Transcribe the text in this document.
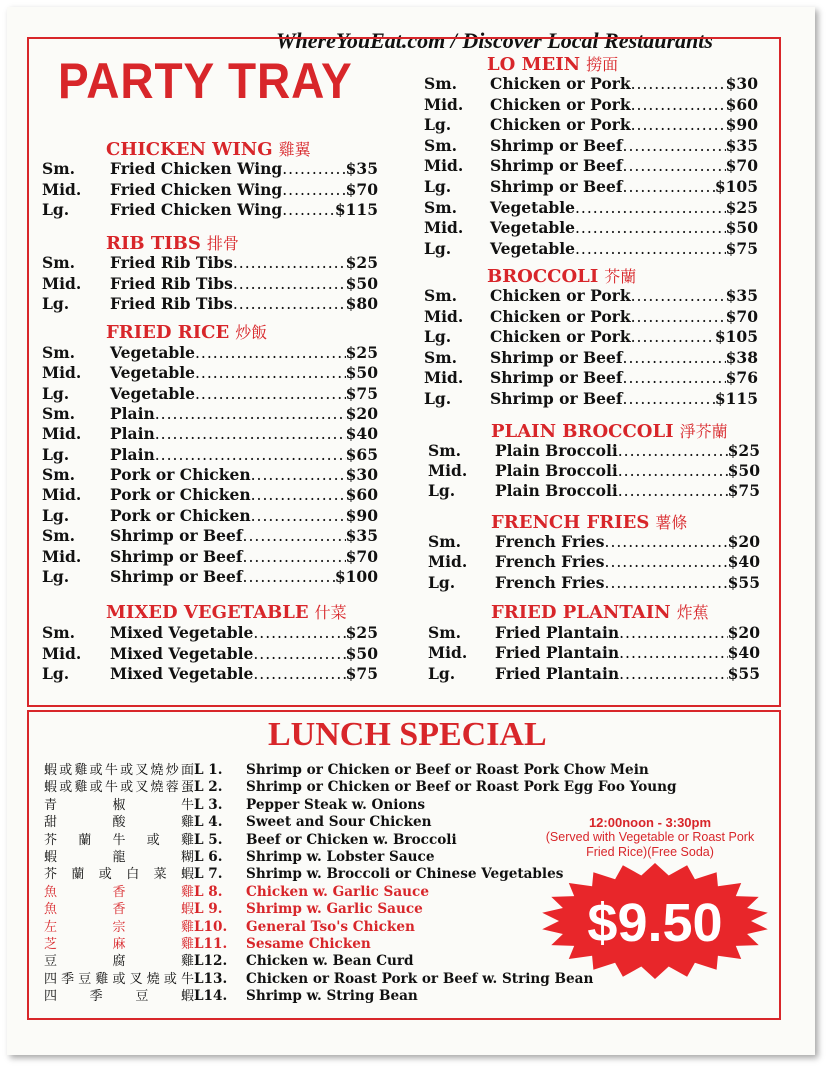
WhereYouEat.com / Discover Local Restaurants
PARTY TRAY
CHICKEN WING 雞翼
Sm.	Fried Chicken Wing .....	$35
Mid.	Fried Chicken Wing .....	$70
Lg.	Fried Chicken Wing .....	$115
RIB TIBS 排骨
Sm.	Fried Rib Tibs .....	$25
Mid.	Fried Rib Tibs .....	$50
Lg.	Fried Rib Tibs .....	$80
FRIED RICE 炒飯
Sm.	Vegetable .....	$25
Mid.	Vegetable .....	$50
Lg.	Vegetable .....	$75
Sm.	Plain .....	$20
Mid.	Plain .....	$40
Lg.	Plain .....	$65
Sm.	Pork or Chicken .....	$30
Mid.	Pork or Chicken .....	$60
Lg.	Pork or Chicken .....	$90
Sm.	Shrimp or Beef .....	$35
Mid.	Shrimp or Beef .....	$70
Lg.	Shrimp or Beef .....	$100
MIXED VEGETABLE 什菜
Sm.	Mixed Vegetable .....	$25
Mid.	Mixed Vegetable .....	$50
Lg.	Mixed Vegetable .....	$75
LO MEIN 撈面
Sm.	Chicken or Pork .....	$30
Mid.	Chicken or Pork .....	$60
Lg.	Chicken or Pork .....	$90
Sm.	Shrimp or Beef .....	$35
Mid.	Shrimp or Beef .....	$70
Lg.	Shrimp or Beef .....	$105
Sm.	Vegetable .....	$25
Mid.	Vegetable .....	$50
Lg.	Vegetable .....	$75
BROCCOLI 芥蘭
Sm.	Chicken or Pork .....	$35
Mid.	Chicken or Pork .....	$70
Lg.	Chicken or Pork .....	$105
Sm.	Shrimp or Beef .....	$38
Mid.	Shrimp or Beef .....	$76
Lg.	Shrimp or Beef .....	$115
PLAIN BROCCOLI 淨芥蘭
Sm.	Plain Broccoli .....	$25
Mid.	Plain Broccoli .....	$50
Lg.	Plain Broccoli .....	$75
FRENCH FRIES 薯條
Sm.	French Fries .....	$20
Mid.	French Fries .....	$40
Lg.	French Fries .....	$55
FRIED PLANTAIN 炸蕉
Sm.	Fried Plantain .....	$20
Mid.	Fried Plantain .....	$40
Lg.	Fried Plantain .....	$55
LUNCH SPECIAL
蝦或雞或牛或叉燒炒面 L 1.	Shrimp or Chicken or Beef or Roast Pork Chow Mein
蝦或雞或牛或叉燒蓉蛋 L 2.	Shrimp or Chicken or Beef or Roast Pork Egg Foo Young
青椒牛 L 3.	Pepper Steak w. Onions
甜酸雞 L 4.	Sweet and Sour Chicken
芥蘭牛或雞 L 5.	Beef or Chicken w. Broccoli
蝦龍糊 L 6.	Shrimp w. Lobster Sauce
芥蘭或白菜蝦 L 7.	Shrimp w. Broccoli or Chinese Vegetables
魚香雞 L 8.	Chicken w. Garlic Sauce
魚香蝦 L 9.	Shrimp w. Garlic Sauce
左宗雞 L10.	General Tso's Chicken
芝麻雞 L11.	Sesame Chicken
豆腐雞 L12.	Chicken w. Bean Curd
四季豆雞或叉燒或牛 L13.	Chicken or Roast Pork or Beef w. String Bean
四季豆蝦 L14.	Shrimp w. String Bean
12:00noon - 3:30pm
(Served with Vegetable or Roast Pork Fried Rice)(Free Soda)
$9.50
